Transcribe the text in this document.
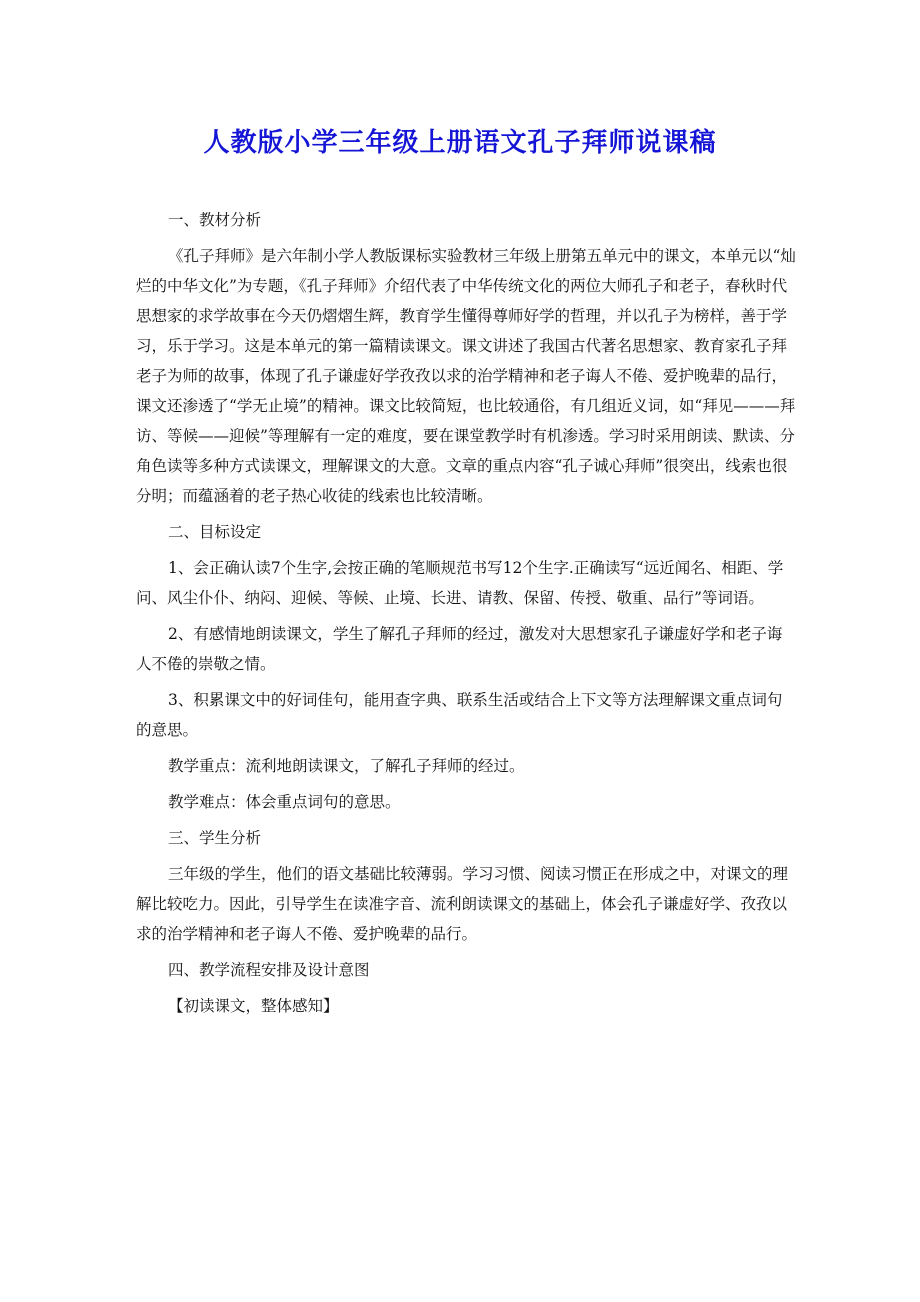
人教版小学三年级上册语文孔子拜师说课稿

一、教材分析

《孔子拜师》是六年制小学人教版课标实验教材三年级上册第五单元中的课文，本单元以“灿烂的中华文化”为专题，《孔子拜师》介绍代表了中华传统文化的两位大师孔子和老子，春秋时代思想家的求学故事在今天仍熠熠生辉，教育学生懂得尊师好学的哲理，并以孔子为榜样，善于学习，乐于学习。这是本单元的第一篇精读课文。课文讲述了我国古代著名思想家、教育家孔子拜老子为师的故事，体现了孔子谦虚好学孜孜以求的治学精神和老子诲人不倦、爱护晚辈的品行，课文还渗透了“学无止境”的精神。课文比较简短，也比较通俗，有几组近义词，如“拜见———拜访、等候——迎候”等理解有一定的难度，要在课堂教学时有机渗透。学习时采用朗读、默读、分角色读等多种方式读课文，理解课文的大意。文章的重点内容“孔子诚心拜师”很突出，线索也很分明；而蕴涵着的老子热心收徒的线索也比较清晰。

二、目标设定

1、会正确认读7个生字,会按正确的笔顺规范书写12个生字.正确读写“远近闻名、相距、学问、风尘仆仆、纳闷、迎候、等候、止境、长进、请教、保留、传授、敬重、品行”等词语。

2、有感情地朗读课文，学生了解孔子拜师的经过，激发对大思想家孔子谦虚好学和老子诲人不倦的崇敬之情。

3、积累课文中的好词佳句，能用查字典、联系生活或结合上下文等方法理解课文重点词句的意思。

教学重点：流利地朗读课文，了解孔子拜师的经过。

教学难点：体会重点词句的意思。

三、学生分析

三年级的学生，他们的语文基础比较薄弱。学习习惯、阅读习惯正在形成之中，对课文的理解比较吃力。因此，引导学生在读准字音、流利朗读课文的基础上，体会孔子谦虚好学、孜孜以求的治学精神和老子诲人不倦、爱护晚辈的品行。

四、教学流程安排及设计意图

【初读课文，整体感知】
